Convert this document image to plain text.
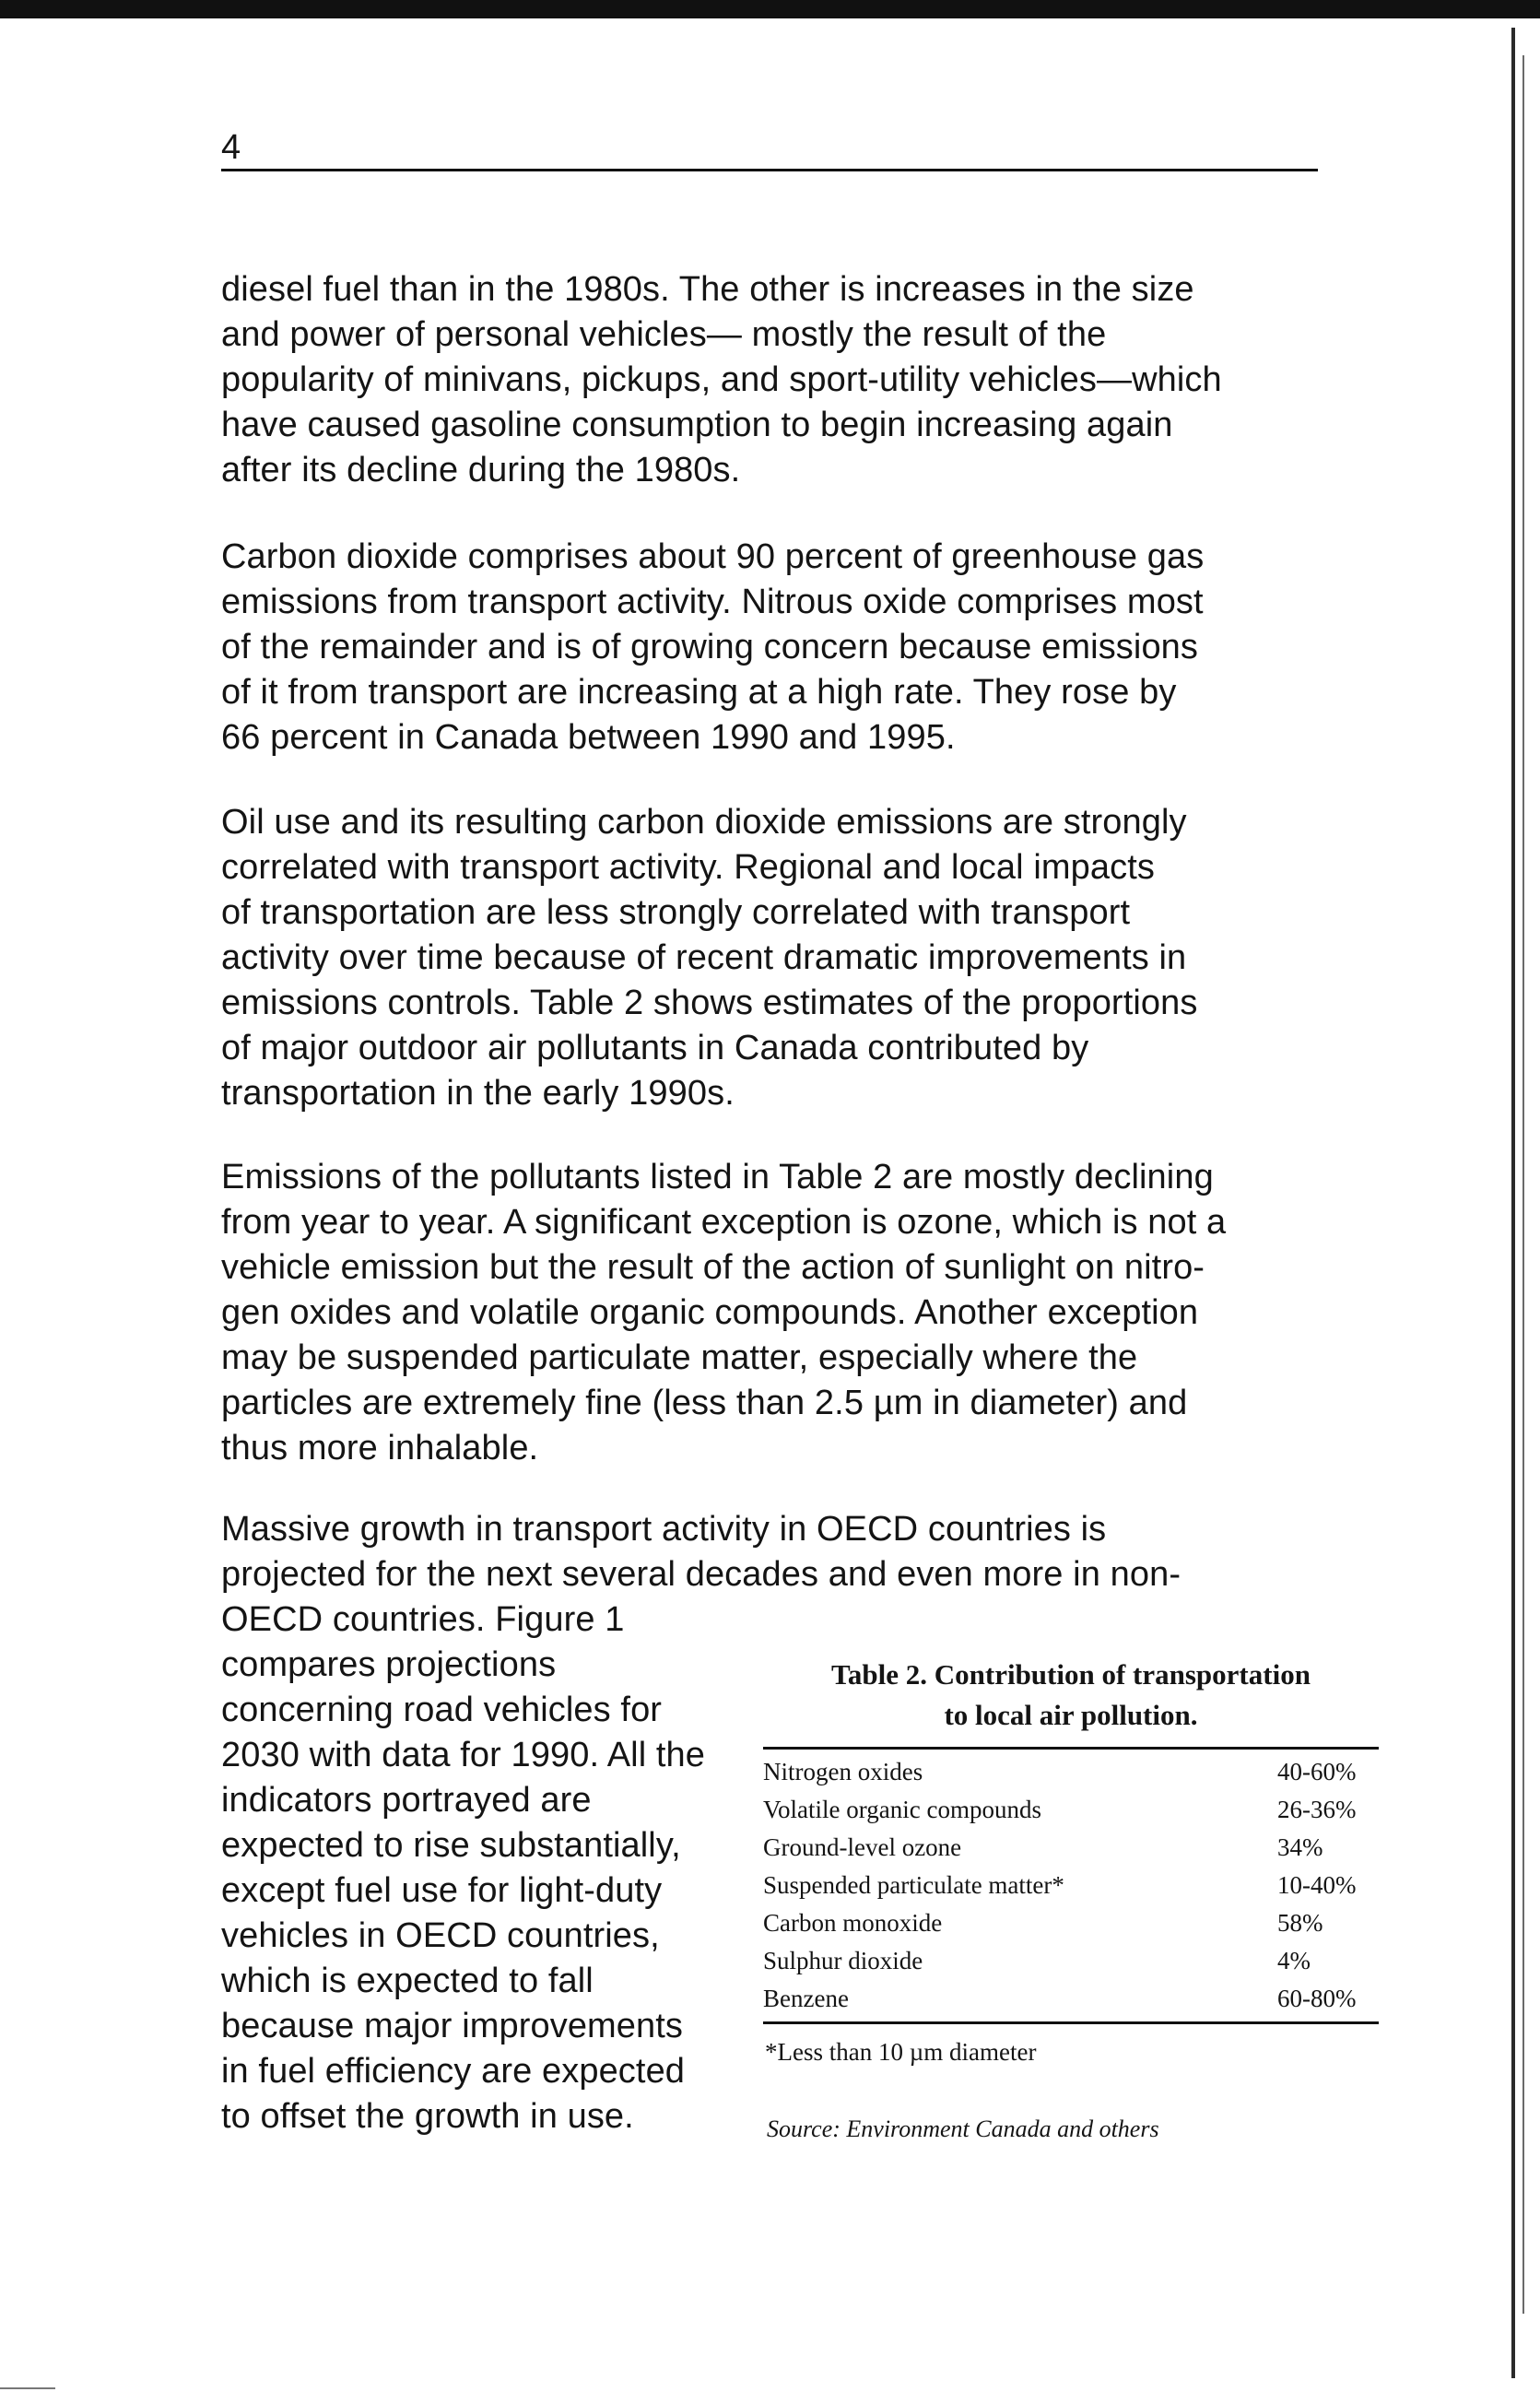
4

diesel fuel than in the 1980s. The other is increases in the size
and power of personal vehicles— mostly the result of the
popularity of minivans, pickups, and sport-utility vehicles—which
have caused gasoline consumption to begin increasing again
after its decline during the 1980s.

Carbon dioxide comprises about 90 percent of greenhouse gas
emissions from transport activity. Nitrous oxide comprises most
of the remainder and is of growing concern because emissions
of it from transport are increasing at a high rate. They rose by
66 percent in Canada between 1990 and 1995.

Oil use and its resulting carbon dioxide emissions are strongly
correlated with transport activity. Regional and local impacts
of transportation are less strongly correlated with transport
activity over time because of recent dramatic improvements in
emissions controls. Table 2 shows estimates of the proportions
of major outdoor air pollutants in Canada contributed by
transportation in the early 1990s.

Emissions of the pollutants listed in Table 2 are mostly declining
from year to year. A significant exception is ozone, which is not a
vehicle emission but the result of the action of sunlight on nitro-
gen oxides and volatile organic compounds. Another exception
may be suspended particulate matter, especially where the
particles are extremely fine (less than 2.5 µm in diameter) and
thus more inhalable.

Massive growth in transport activity in OECD countries is
projected for the next several decades and even more in non-
OECD countries. Figure 1
compares projections
concerning road vehicles for
2030 with data for 1990. All the
indicators portrayed are
expected to rise substantially,
except fuel use for light-duty
vehicles in OECD countries,
which is expected to fall
because major improvements
in fuel efficiency are expected
to offset the growth in use.

Table 2. Contribution of transportation
to local air pollution.

Nitrogen oxides	40-60%
Volatile organic compounds	26-36%
Ground-level ozone	34%
Suspended particulate matter*	10-40%
Carbon monoxide	58%
Sulphur dioxide	4%
Benzene	60-80%
*Less than 10 µm diameter
Source: Environment Canada and others
